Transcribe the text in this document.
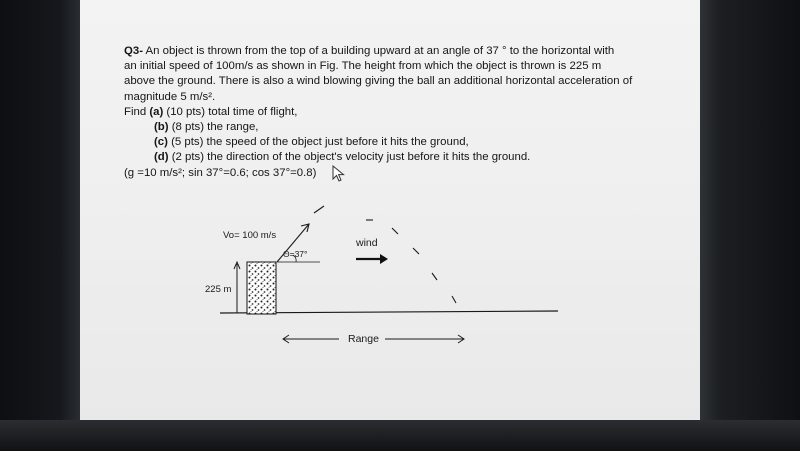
Q3- An object is thrown from the top of a building upward at an angle of 37 ° to the horizontal with
an initial speed of 100m/s as shown in Fig. The height from which the object is thrown is 225 m
above the ground. There is also a wind blowing giving the ball an additional horizontal acceleration of
magnitude 5 m/s².
Find (a) (10 pts) total time of flight,
(b) (8 pts) the range,
(c) (5 pts) the speed of the object just before it hits the ground,
(d) (2 pts) the direction of the object's velocity just before it hits the ground.
(g =10 m/s²; sin 37°=0.6; cos 37°=0.8)
Vo= 100 m/s
Θ=37°
wind
225 m
Range
